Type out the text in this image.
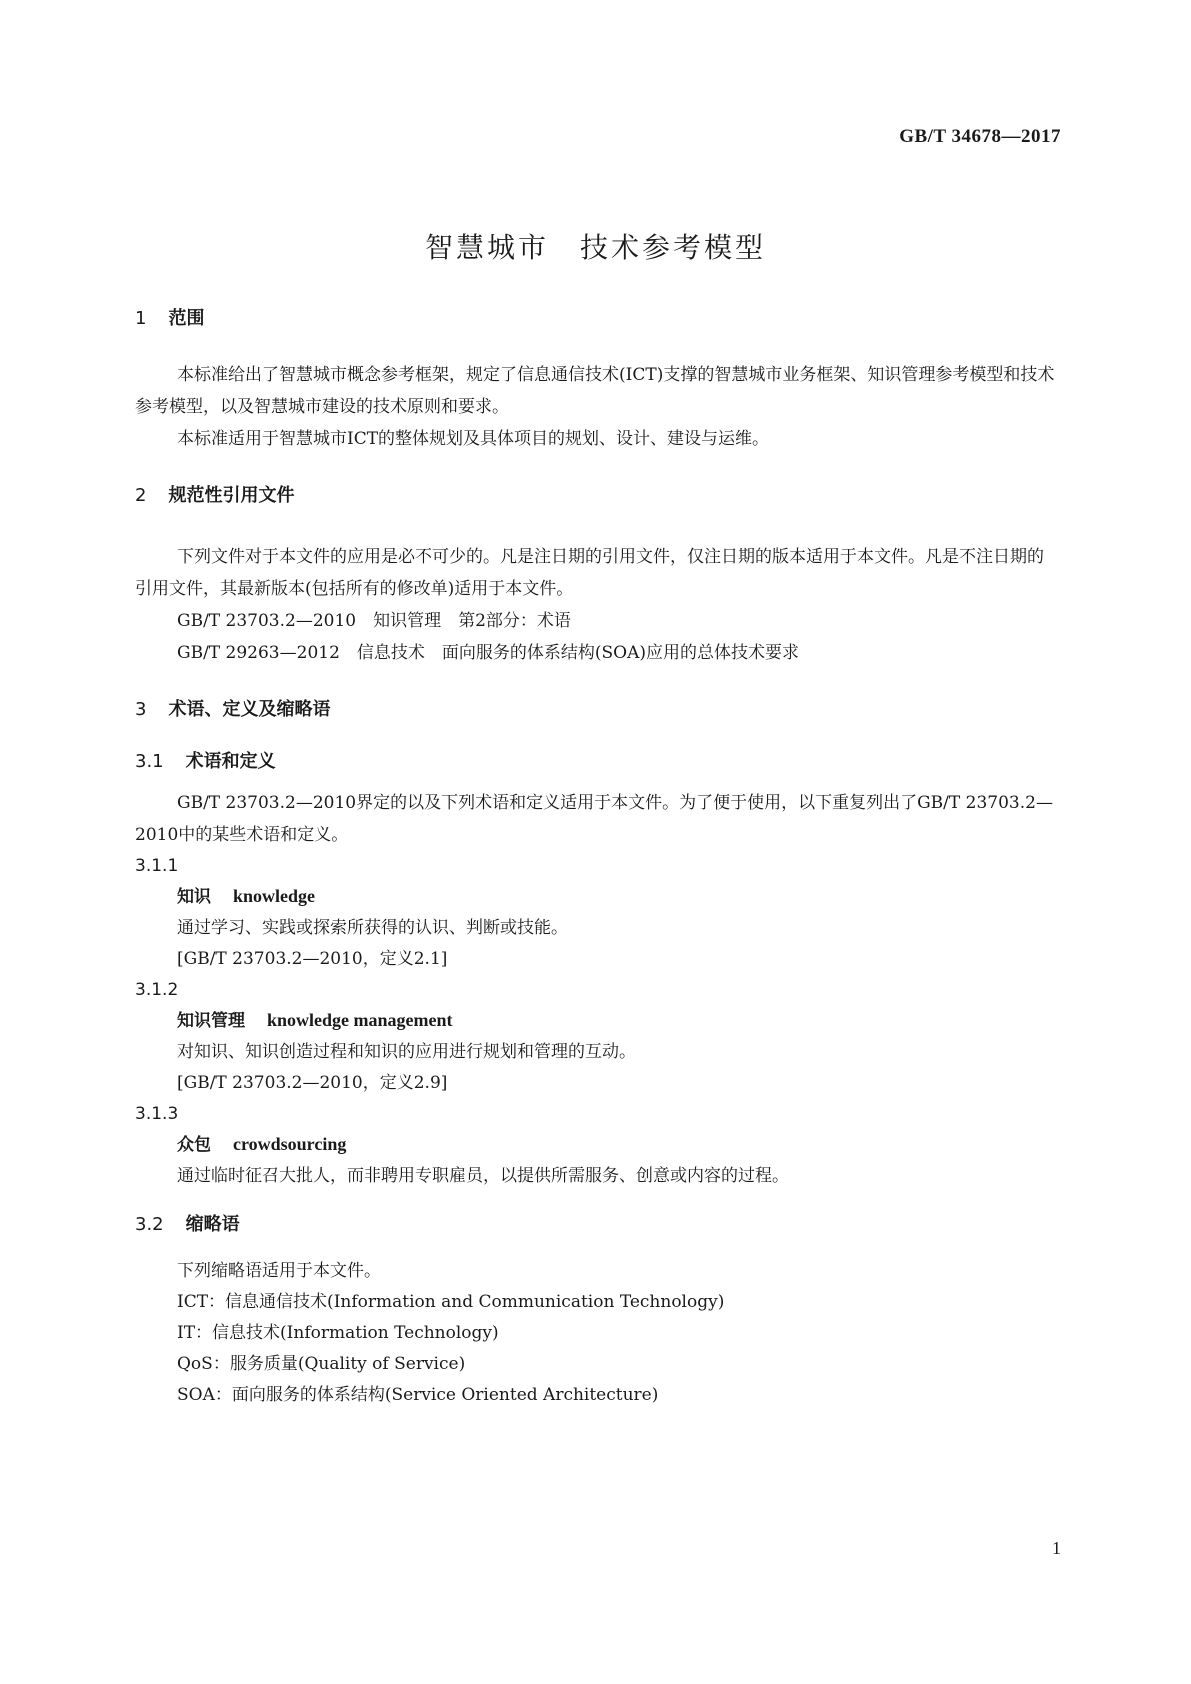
GB/T 34678—2017
智慧城市　技术参考模型
1 范围
本标准给出了智慧城市概念参考框架，规定了信息通信技术(ICT)支撑的智慧城市业务框架、知识管理参考模型和技术参考模型，以及智慧城市建设的技术原则和要求。
本标准适用于智慧城市ICT的整体规划及具体项目的规划、设计、建设与运维。
2 规范性引用文件
下列文件对于本文件的应用是必不可少的。凡是注日期的引用文件，仅注日期的版本适用于本文件。凡是不注日期的引用文件，其最新版本(包括所有的修改单)适用于本文件。
GB/T 23703.2—2010　知识管理　第2部分：术语
GB/T 29263—2012　信息技术　面向服务的体系结构(SOA)应用的总体技术要求
3 术语、定义及缩略语
3.1 术语和定义
GB/T 23703.2—2010界定的以及下列术语和定义适用于本文件。为了便于使用，以下重复列出了GB/T 23703.2—2010中的某些术语和定义。
3.1.1
知识 knowledge
通过学习、实践或探索所获得的认识、判断或技能。
[GB/T 23703.2—2010，定义2.1]
3.1.2
知识管理 knowledge management
对知识、知识创造过程和知识的应用进行规划和管理的互动。
[GB/T 23703.2—2010，定义2.9]
3.1.3
众包 crowdsourcing
通过临时征召大批人，而非聘用专职雇员，以提供所需服务、创意或内容的过程。
3.2 缩略语
下列缩略语适用于本文件。
ICT：信息通信技术(Information and Communication Technology)
IT：信息技术(Information Technology)
QoS：服务质量(Quality of Service)
SOA：面向服务的体系结构(Service Oriented Architecture)
1
